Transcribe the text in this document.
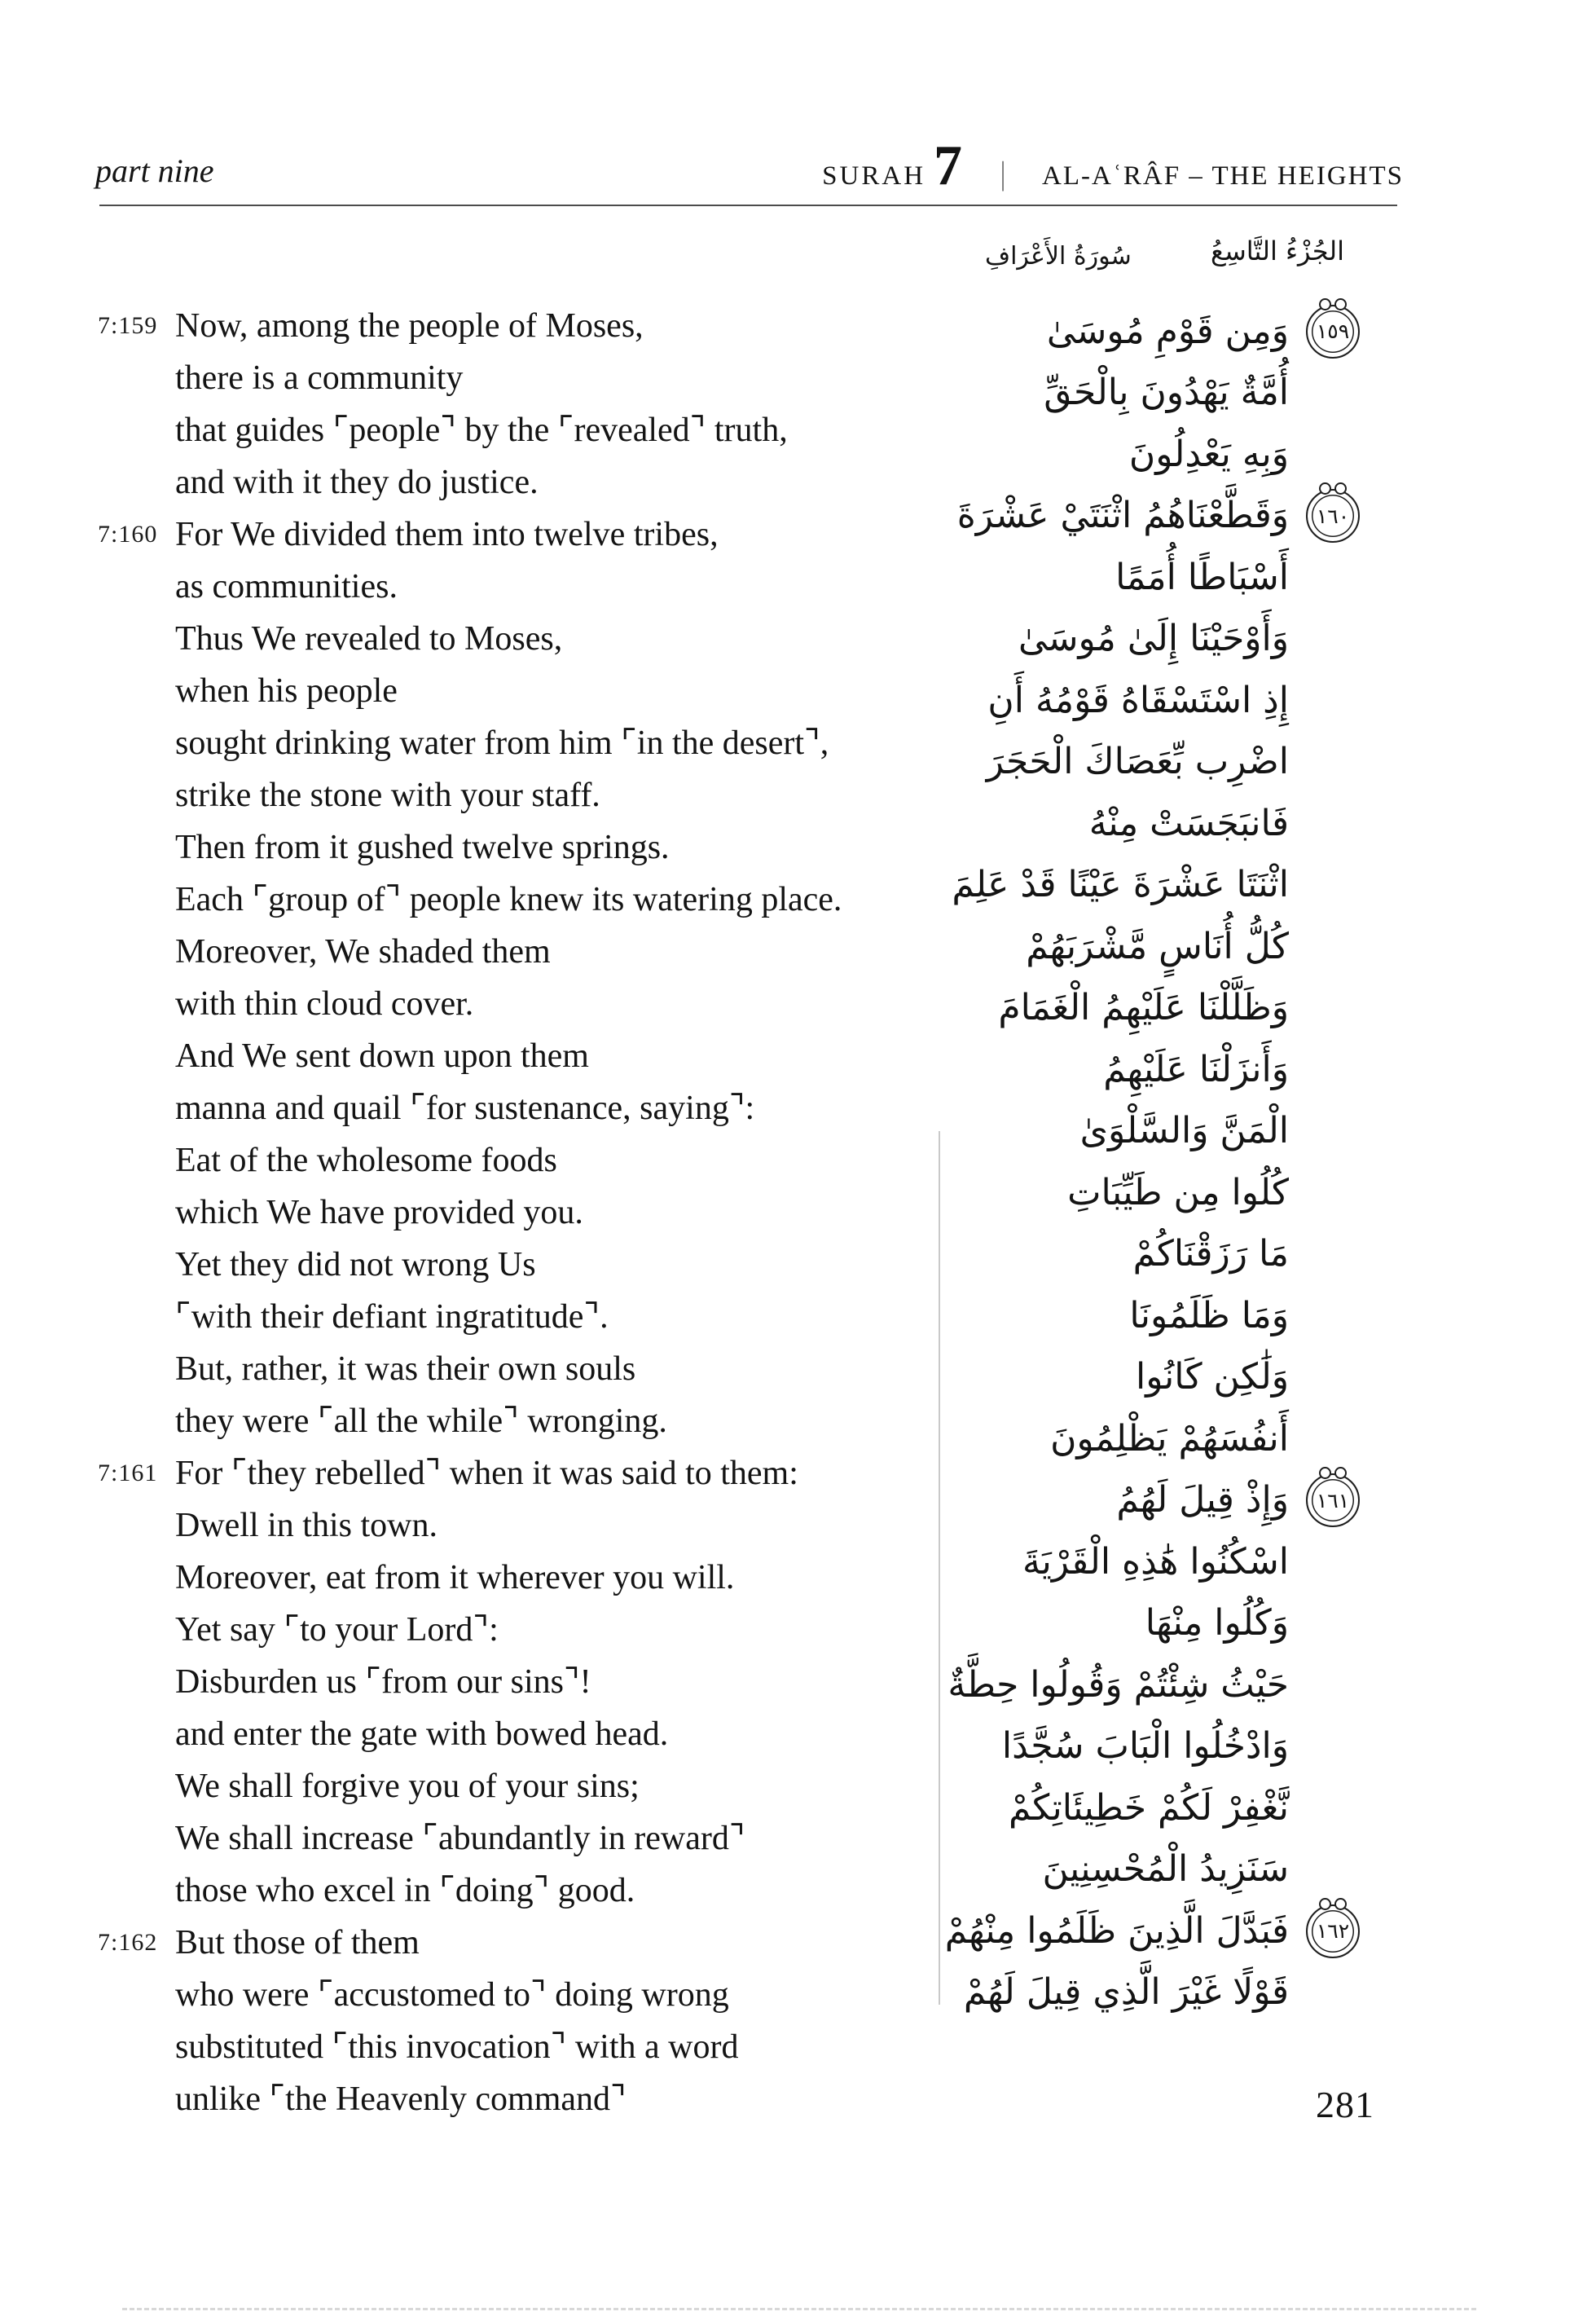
part nine	SURAH 7 | AL-AʿRÂF – THE HEIGHTS
الجُزْءُ التَّاسِعُ
سُورَةُ الأَعْرَافِ
7:159 Now, among the people of Moses,
there is a community
that guides ⌜people⌝ by the ⌜revealed⌝ truth,
and with it they do justice.
7:160 For We divided them into twelve tribes,
as communities.
Thus We revealed to Moses,
when his people
sought drinking water from him ⌜in the desert⌝,
strike the stone with your staff.
Then from it gushed twelve springs.
Each ⌜group of⌝ people knew its watering place.
Moreover, We shaded them
with thin cloud cover.
And We sent down upon them
manna and quail ⌜for sustenance, saying⌝:
Eat of the wholesome foods
which We have provided you.
Yet they did not wrong Us
⌜with their defiant ingratitude⌝.
But, rather, it was their own souls
they were ⌜all the while⌝ wronging.
7:161 For ⌜they rebelled⌝ when it was said to them:
Dwell in this town.
Moreover, eat from it wherever you will.
Yet say ⌜to your Lord⌝:
Disburden us ⌜from our sins⌝!
and enter the gate with bowed head.
We shall forgive you of your sins;
We shall increase ⌜abundantly in reward⌝
those who excel in ⌜doing⌝ good.
7:162 But those of them
who were ⌜accustomed to⌝ doing wrong
substituted ⌜this invocation⌝ with a word
unlike ⌜the Heavenly command⌝
١٥٩
وَمِن قَوْمِ مُوسَىٰ
أُمَّةٌ يَهْدُونَ بِالْحَقِّ
وَبِهِ يَعْدِلُونَ
١٦٠
وَقَطَّعْنَاهُمُ اثْنَتَيْ عَشْرَةَ
أَسْبَاطًا أُمَمًا
وَأَوْحَيْنَا إِلَىٰ مُوسَىٰ
إِذِ اسْتَسْقَاهُ قَوْمُهُ أَنِ
اضْرِب بِّعَصَاكَ الْحَجَرَ
فَانبَجَسَتْ مِنْهُ
اثْنَتَا عَشْرَةَ عَيْنًا قَدْ عَلِمَ
كُلُّ أُنَاسٍ مَّشْرَبَهُمْ
وَظَلَّلْنَا عَلَيْهِمُ الْغَمَامَ
وَأَنزَلْنَا عَلَيْهِمُ
الْمَنَّ وَالسَّلْوَىٰ
كُلُوا مِن طَيِّبَاتِ
مَا رَزَقْنَاكُمْ
وَمَا ظَلَمُونَا
وَلَٰكِن كَانُوا
أَنفُسَهُمْ يَظْلِمُونَ
١٦١
وَإِذْ قِيلَ لَهُمُ
اسْكُنُوا هَٰذِهِ الْقَرْيَةَ
وَكُلُوا مِنْهَا
حَيْثُ شِئْتُمْ وَقُولُوا حِطَّةٌ
وَادْخُلُوا الْبَابَ سُجَّدًا
نَّغْفِرْ لَكُمْ خَطِيئَاتِكُمْ
سَنَزِيدُ الْمُحْسِنِينَ
١٦٢
فَبَدَّلَ الَّذِينَ ظَلَمُوا مِنْهُمْ
قَوْلًا غَيْرَ الَّذِي قِيلَ لَهُمْ
281
